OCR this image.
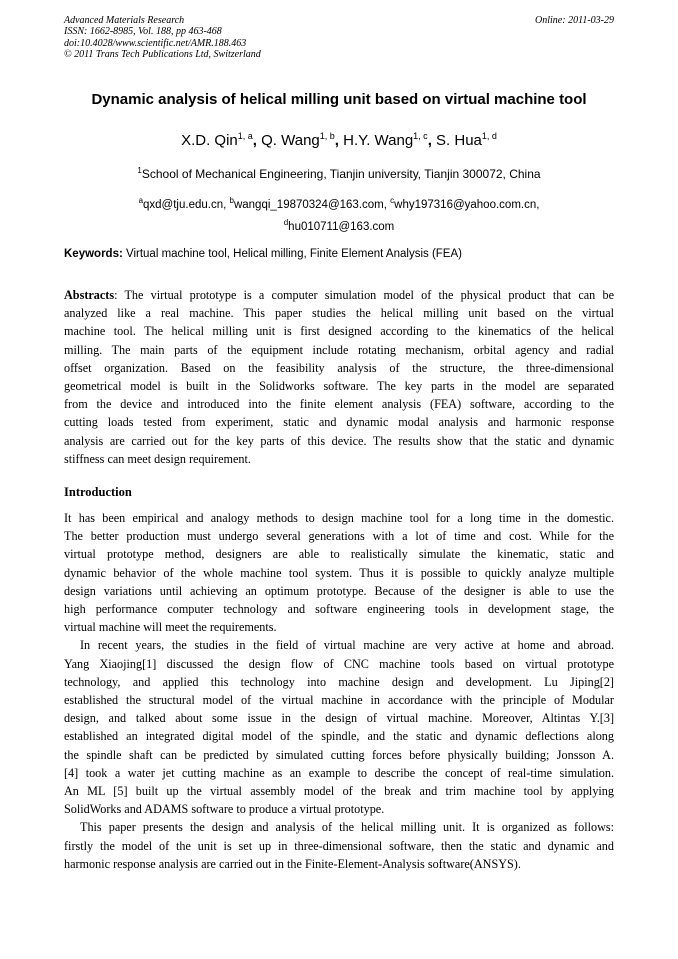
Advanced Materials Research
ISSN: 1662-8985, Vol. 188, pp 463-468
doi:10.4028/www.scientific.net/AMR.188.463
© 2011 Trans Tech Publications Ltd, Switzerland
Online: 2011-03-29
Dynamic analysis of helical milling unit based on virtual machine tool
X.D. Qin$^{1, a}$, Q. Wang$^{1, b}$, H.Y. Wang$^{1, c}$, S. Hua$^{1, d}$
$^1$School of Mechanical Engineering, Tianjin university, Tianjin 300072, China
$^a$qxd@tju.edu.cn, $^b$wangqi_19870324@163.com, $^c$why197316@yahoo.com.cn,
$^d$hu010711@163.com
Keywords: Virtual machine tool, Helical milling, Finite Element Analysis (FEA)
Abstracts: The virtual prototype is a computer simulation model of the physical product that can be
analyzed like a real machine. This paper studies the helical milling unit based on the virtual
machine tool. The helical milling unit is first designed according to the kinematics of the helical
milling. The main parts of the equipment include rotating mechanism, orbital agency and radial
offset organization. Based on the feasibility analysis of the structure, the three-dimensional
geometrical model is built in the Solidworks software. The key parts in the model are separated
from the device and introduced into the finite element analysis (FEA) software, according to the
cutting loads tested from experiment, static and dynamic modal analysis and harmonic response
analysis are carried out for the key parts of this device. The results show that the static and dynamic
stiffness can meet design requirement.
Introduction
It has been empirical and analogy methods to design machine tool for a long time in the domestic.
The better production must undergo several generations with a lot of time and cost. While for the
virtual prototype method, designers are able to realistically simulate the kinematic, static and
dynamic behavior of the whole machine tool system. Thus it is possible to quickly analyze multiple
design variations until achieving an optimum prototype. Because of the designer is able to use the
high performance computer technology and software engineering tools in development stage, the
virtual machine will meet the requirements.
In recent years, the studies in the field of virtual machine are very active at home and abroad.
Yang Xiaojing[1] discussed the design flow of CNC machine tools based on virtual prototype
technology, and applied this technology into machine design and development. Lu Jiping[2]
established the structural model of the virtual machine in accordance with the principle of Modular
design, and talked about some issue in the design of virtual machine. Moreover, Altintas Y.[3]
established an integrated digital model of the spindle, and the static and dynamic deflections along
the spindle shaft can be predicted by simulated cutting forces before physically building; Jonsson A.
[4] took a water jet cutting machine as an example to describe the concept of real-time simulation.
An ML [5] built up the virtual assembly model of the break and trim machine tool by applying
SolidWorks and ADAMS software to produce a virtual prototype.
This paper presents the design and analysis of the helical milling unit. It is organized as follows:
firstly the model of the unit is set up in three-dimensional software, then the static and dynamic and
harmonic response analysis are carried out in the Finite-Element-Analysis software(ANSYS).
